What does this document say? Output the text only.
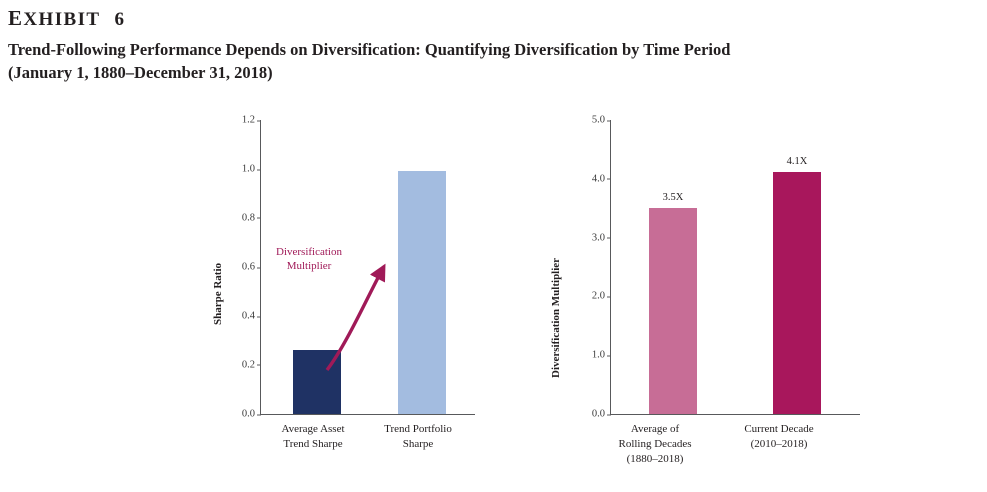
EXHIBIT 6
Trend-Following Performance Depends on Diversification: Quantifying Diversification by Time Period
(January 1, 1880–December 31, 2018)
Sharpe Ratio
0.0
0.2
0.4
0.6
0.8
1.0
1.2
Diversification
Multiplier
Average Asset
Trend Sharpe
Trend Portfolio
Sharpe
Diversification Multiplier
0.0
1.0
2.0
3.0
4.0
5.0
3.5X
4.1X
Average of
Rolling Decades
(1880–2018)
Current Decade
(2010–2018)
